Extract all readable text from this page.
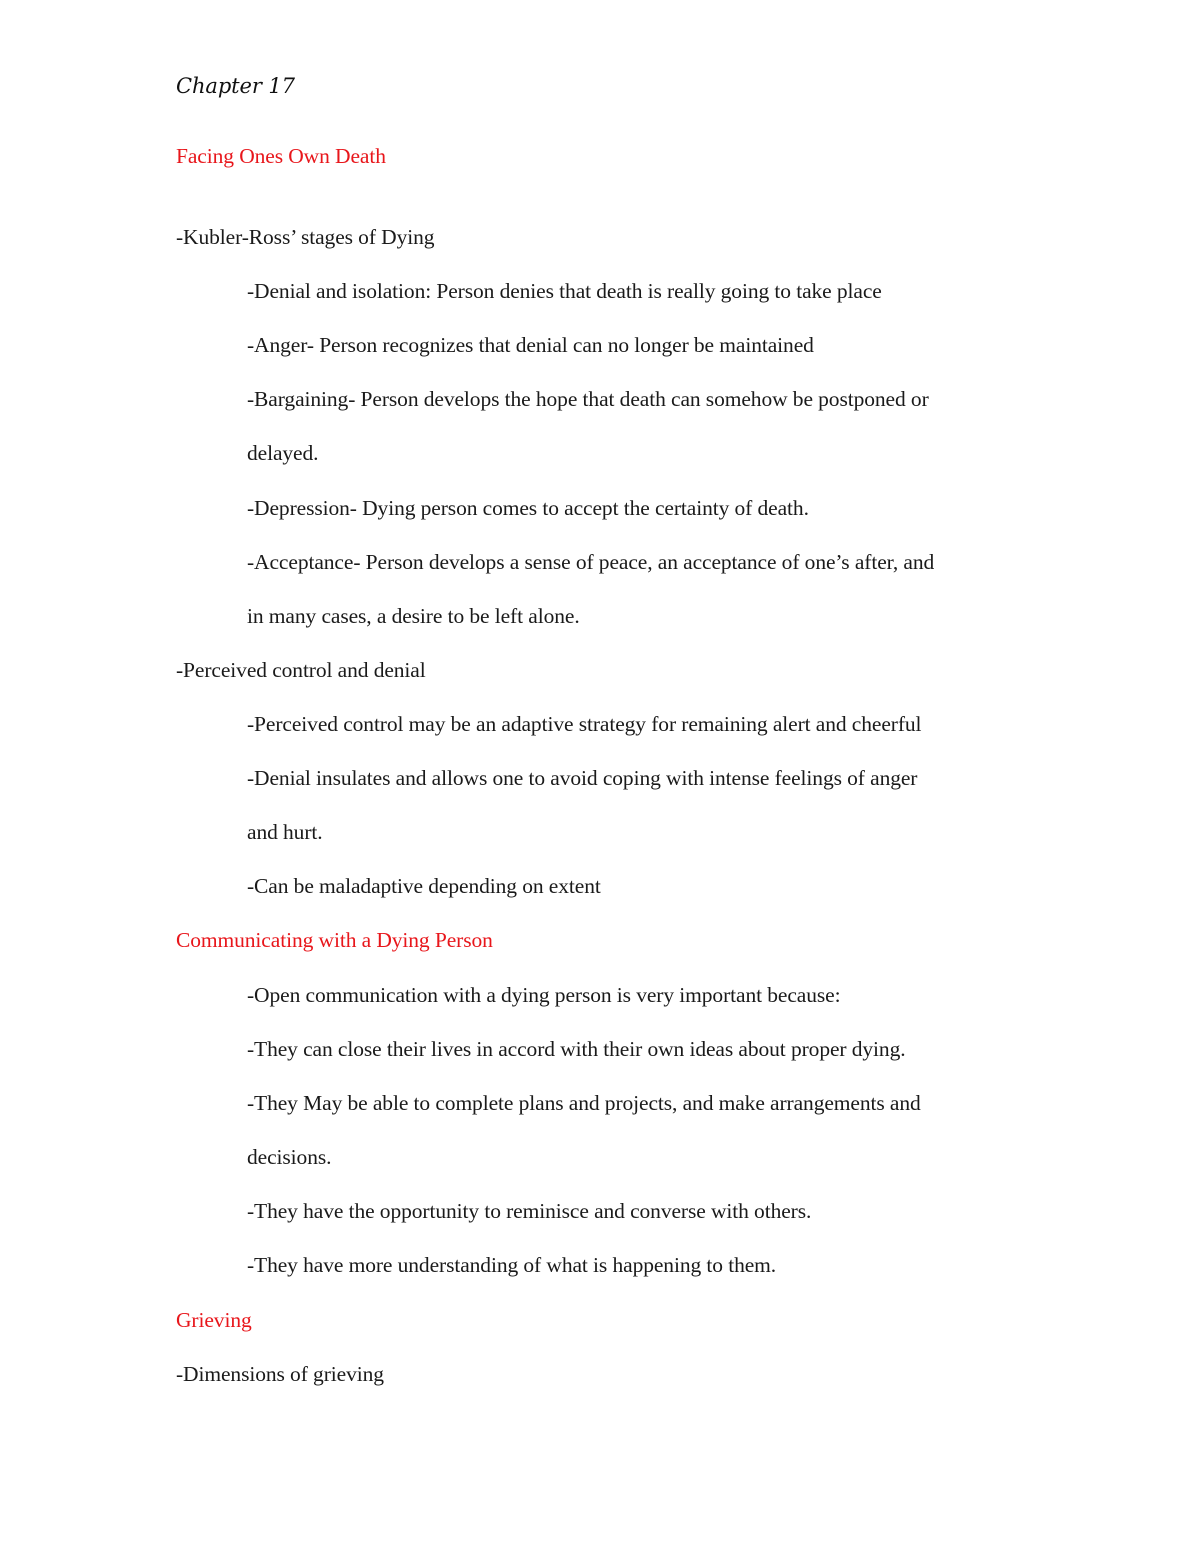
Chapter 17
Facing Ones Own Death
-Kubler-Ross’ stages of Dying
-Denial and isolation: Person denies that death is really going to take place
-Anger- Person recognizes that denial can no longer be maintained
-Bargaining- Person develops the hope that death can somehow be postponed or
delayed.
-Depression- Dying person comes to accept the certainty of death.
-Acceptance- Person develops a sense of peace, an acceptance of one’s after, and
in many cases, a desire to be left alone.
-Perceived control and denial
-Perceived control may be an adaptive strategy for remaining alert and cheerful
-Denial insulates and allows one to avoid coping with intense feelings of anger
and hurt.
-Can be maladaptive depending on extent
Communicating with a Dying Person
-Open communication with a dying person is very important because:
-They can close their lives in accord with their own ideas about proper dying.
-They May be able to complete plans and projects, and make arrangements and
decisions.
-They have the opportunity to reminisce and converse with others.
-They have more understanding of what is happening to them.
Grieving
-Dimensions of grieving
